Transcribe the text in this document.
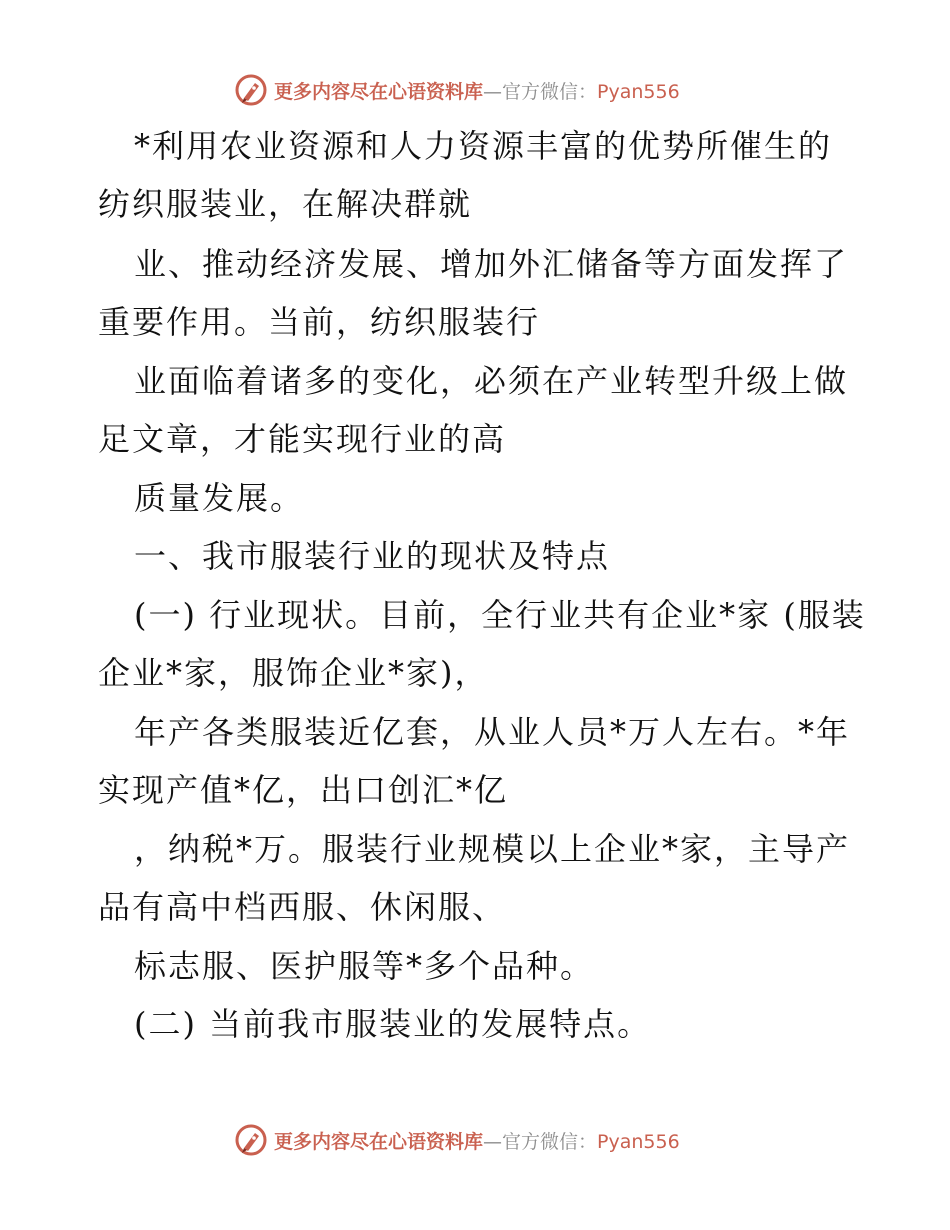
更多内容尽在心语资料库—官方微信：Pyan556
*利用农业资源和人力资源丰富的优势所催生的
纺织服装业，在解决群就
业、推动经济发展、增加外汇储备等方面发挥了
重要作用。当前，纺织服装行
业面临着诸多的变化，必须在产业转型升级上做
足文章，才能实现行业的高
质量发展。
一、我市服装行业的现状及特点
(一) 行业现状。目前，全行业共有企业*家 (服装
企业*家，服饰企业*家)，
年产各类服装近亿套，从业人员*万人左右。*年
实现产值*亿，出口创汇*亿
，纳税*万。服装行业规模以上企业*家，主导产
品有高中档西服、休闲服、
标志服、医护服等*多个品种。
(二) 当前我市服装业的发展特点。
更多内容尽在心语资料库—官方微信：Pyan556
